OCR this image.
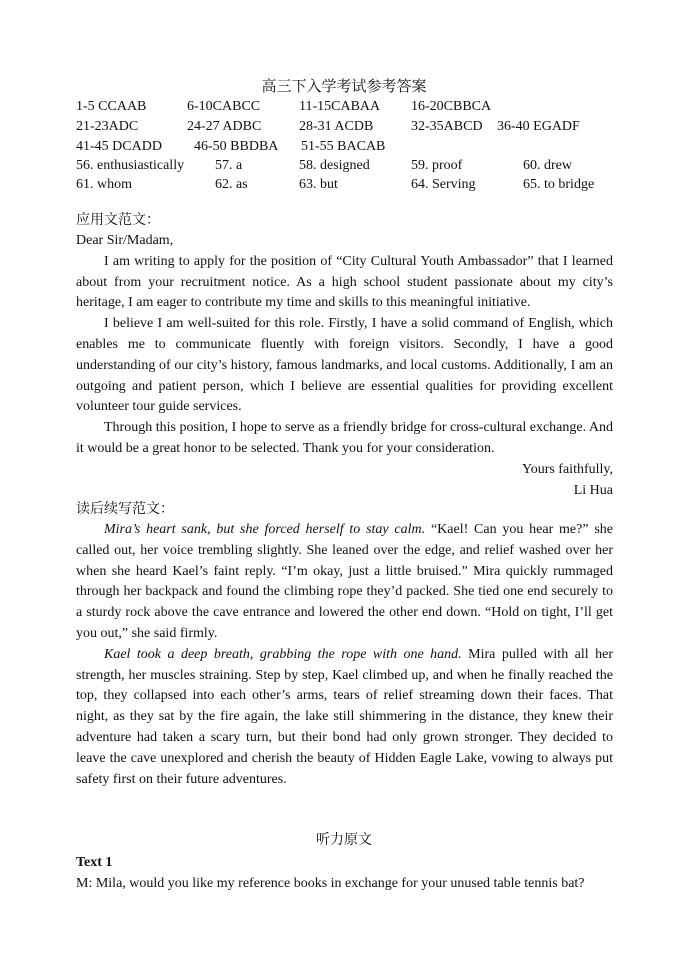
高三下入学考试参考答案
1-5 CCAAB	6-10CABCC	11-15CABAA 16-20CBBCA
21-23ADC	24-27 ADBC	28-31 ACDB	32-35ABCD 36-40 EGADF
41-45 DCADD 46-50 BBDBA 51-55 BACAB
56. enthusiastically 57. a	58. designed	59. proof	60. drew
61. whom	62. as	63. but	64. Serving	65. to bridge
应用文范文：

Dear Sir/Madam,

I am writing to apply for the position of “City Cultural Youth Ambassador” that I learned about from your recruitment notice. As a high school student passionate about my city’s heritage, I am eager to contribute my time and skills to this meaningful initiative.

I believe I am well-suited for this role. Firstly, I have a solid command of English, which enables me to communicate fluently with foreign visitors. Secondly, I have a good understanding of our city’s history, famous landmarks, and local customs. Additionally, I am an outgoing and patient person, which I believe are essential qualities for providing excellent volunteer tour guide services.

Through this position, I hope to serve as a friendly bridge for cross-cultural exchange. And it would be a great honor to be selected. Thank you for your consideration.

Yours faithfully,

Li Hua

读后续写范文：

Mira’s heart sank, but she forced herself to stay calm. “Kael! Can you hear me?” she called out, her voice trembling slightly. She leaned over the edge, and relief washed over her when she heard Kael’s faint reply. “I’m okay, just a little bruised.” Mira quickly rummaged through her backpack and found the climbing rope they’d packed. She tied one end securely to a sturdy rock above the cave entrance and lowered the other end down. “Hold on tight, I’ll get you out,” she said firmly.

Kael took a deep breath, grabbing the rope with one hand. Mira pulled with all her strength, her muscles straining. Step by step, Kael climbed up, and when he finally reached the top, they collapsed into each other’s arms, tears of relief streaming down their faces. That night, as they sat by the fire again, the lake still shimmering in the distance, they knew their adventure had taken a scary turn, but their bond had only grown stronger. They decided to leave the cave unexplored and cherish the beauty of Hidden Eagle Lake, vowing to always put safety first on their future adventures.

听力原文
Text 1
M: Mila, would you like my reference books in exchange for your unused table tennis bat?
